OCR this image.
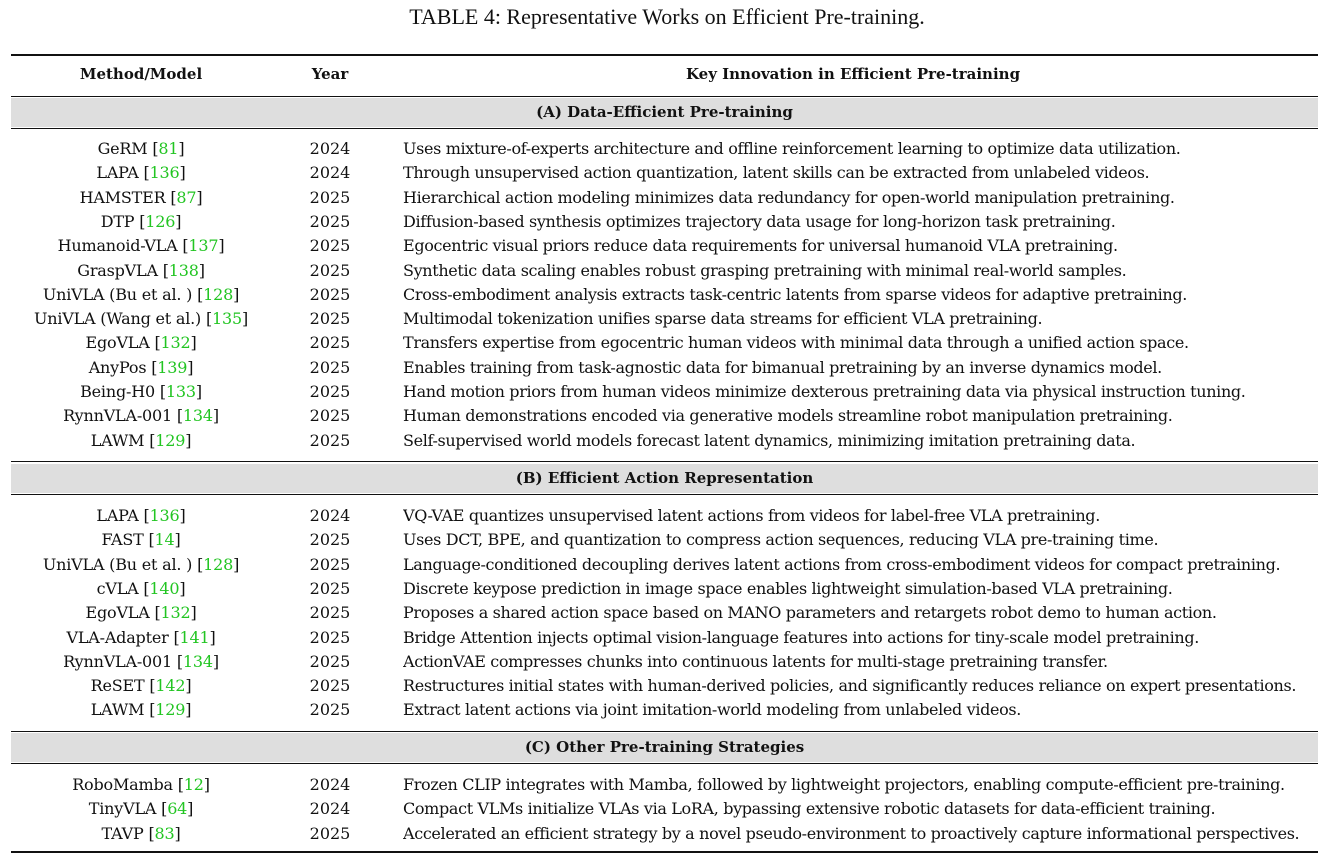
TABLE 4: Representative Works on Efficient Pre-training.
Method/Model	Year	Key Innovation in Efficient Pre-training
(A) Data-Efficient Pre-training
GeRM [81]	2024	Uses mixture-of-experts architecture and offline reinforcement learning to optimize data utilization.
LAPA [136]	2024	Through unsupervised action quantization, latent skills can be extracted from unlabeled videos.
HAMSTER [87]	2025	Hierarchical action modeling minimizes data redundancy for open-world manipulation pretraining.
DTP [126]	2025	Diffusion-based synthesis optimizes trajectory data usage for long-horizon task pretraining.
Humanoid-VLA [137]	2025	Egocentric visual priors reduce data requirements for universal humanoid VLA pretraining.
GraspVLA [138]	2025	Synthetic data scaling enables robust grasping pretraining with minimal real-world samples.
UniVLA (Bu et al. ) [128]	2025	Cross-embodiment analysis extracts task-centric latents from sparse videos for adaptive pretraining.
UniVLA (Wang et al.) [135]	2025	Multimodal tokenization unifies sparse data streams for efficient VLA pretraining.
EgoVLA [132]	2025	Transfers expertise from egocentric human videos with minimal data through a unified action space.
AnyPos [139]	2025	Enables training from task-agnostic data for bimanual pretraining by an inverse dynamics model.
Being-H0 [133]	2025	Hand motion priors from human videos minimize dexterous pretraining data via physical instruction tuning.
RynnVLA-001 [134]	2025	Human demonstrations encoded via generative models streamline robot manipulation pretraining.
LAWM [129]	2025	Self-supervised world models forecast latent dynamics, minimizing imitation pretraining data.
(B) Efficient Action Representation
LAPA [136]	2024	VQ-VAE quantizes unsupervised latent actions from videos for label-free VLA pretraining.
FAST [14]	2025	Uses DCT, BPE, and quantization to compress action sequences, reducing VLA pre-training time.
UniVLA (Bu et al. ) [128]	2025	Language-conditioned decoupling derives latent actions from cross-embodiment videos for compact pretraining.
cVLA [140]	2025	Discrete keypose prediction in image space enables lightweight simulation-based VLA pretraining.
EgoVLA [132]	2025	Proposes a shared action space based on MANO parameters and retargets robot demo to human action.
VLA-Adapter [141]	2025	Bridge Attention injects optimal vision-language features into actions for tiny-scale model pretraining.
RynnVLA-001 [134]	2025	ActionVAE compresses chunks into continuous latents for multi-stage pretraining transfer.
ReSET [142]	2025	Restructures initial states with human-derived policies, and significantly reduces reliance on expert presentations.
LAWM [129]	2025	Extract latent actions via joint imitation-world modeling from unlabeled videos.
(C) Other Pre-training Strategies
RoboMamba [12]	2024	Frozen CLIP integrates with Mamba, followed by lightweight projectors, enabling compute-efficient pre-training.
TinyVLA [64]	2024	Compact VLMs initialize VLAs via LoRA, bypassing extensive robotic datasets for data-efficient training.
TAVP [83]	2025	Accelerated an efficient strategy by a novel pseudo-environment to proactively capture informational perspectives.
